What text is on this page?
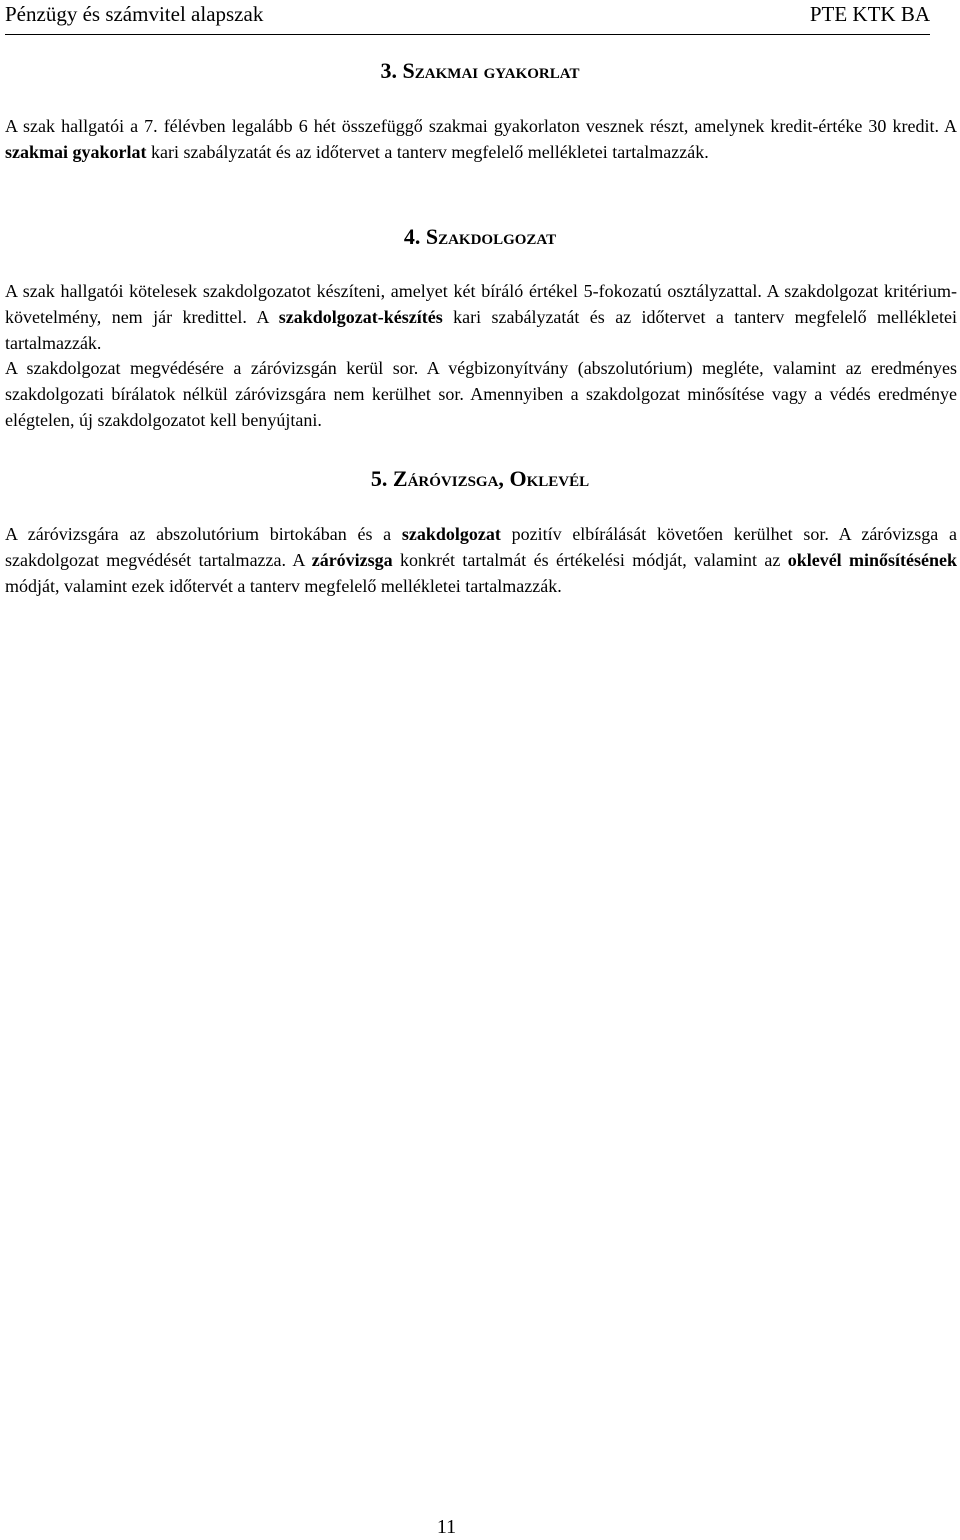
Pénzügy és számvitel alapszak	PTE KTK BA
3. Szakmai gyakorlat

A szak hallgatói a 7. félévben legalább 6 hét összefüggő szakmai gyakorlaton vesznek részt, amelynek kredit-értéke 30 kredit. A szakmai gyakorlat kari szabályzatát és az időtervet a tanterv megfelelő mellékletei tartalmazzák.

4. Szakdolgozat

A szak hallgatói kötelesek szakdolgozatot készíteni, amelyet két bíráló értékel 5-fokozatú osztályzattal. A szakdolgozat kritérium-követelmény, nem jár kredittel. A szakdolgozat-készítés kari szabályzatát és az időtervet a tanterv megfelelő mellékletei tartalmazzák.

A szakdolgozat megvédésére a záróvizsgán kerül sor. A végbizonyítvány (abszolutórium) megléte, valamint az eredményes szakdolgozati bírálatok nélkül záróvizsgára nem kerülhet sor. Amennyiben a szakdolgozat minősítése vagy a védés eredménye elégtelen, új szakdolgozatot kell benyújtani.

5. Záróvizsga, Oklevél

A záróvizsgára az abszolutórium birtokában és a szakdolgozat pozitív elbírálását követően kerülhet sor. A záróvizsga a szakdolgozat megvédését tartalmazza. A záróvizsga konkrét tartalmát és értékelési módját, valamint az oklevél minősítésének módját, valamint ezek időtervét a tanterv megfelelő mellékletei tartalmazzák.

11
